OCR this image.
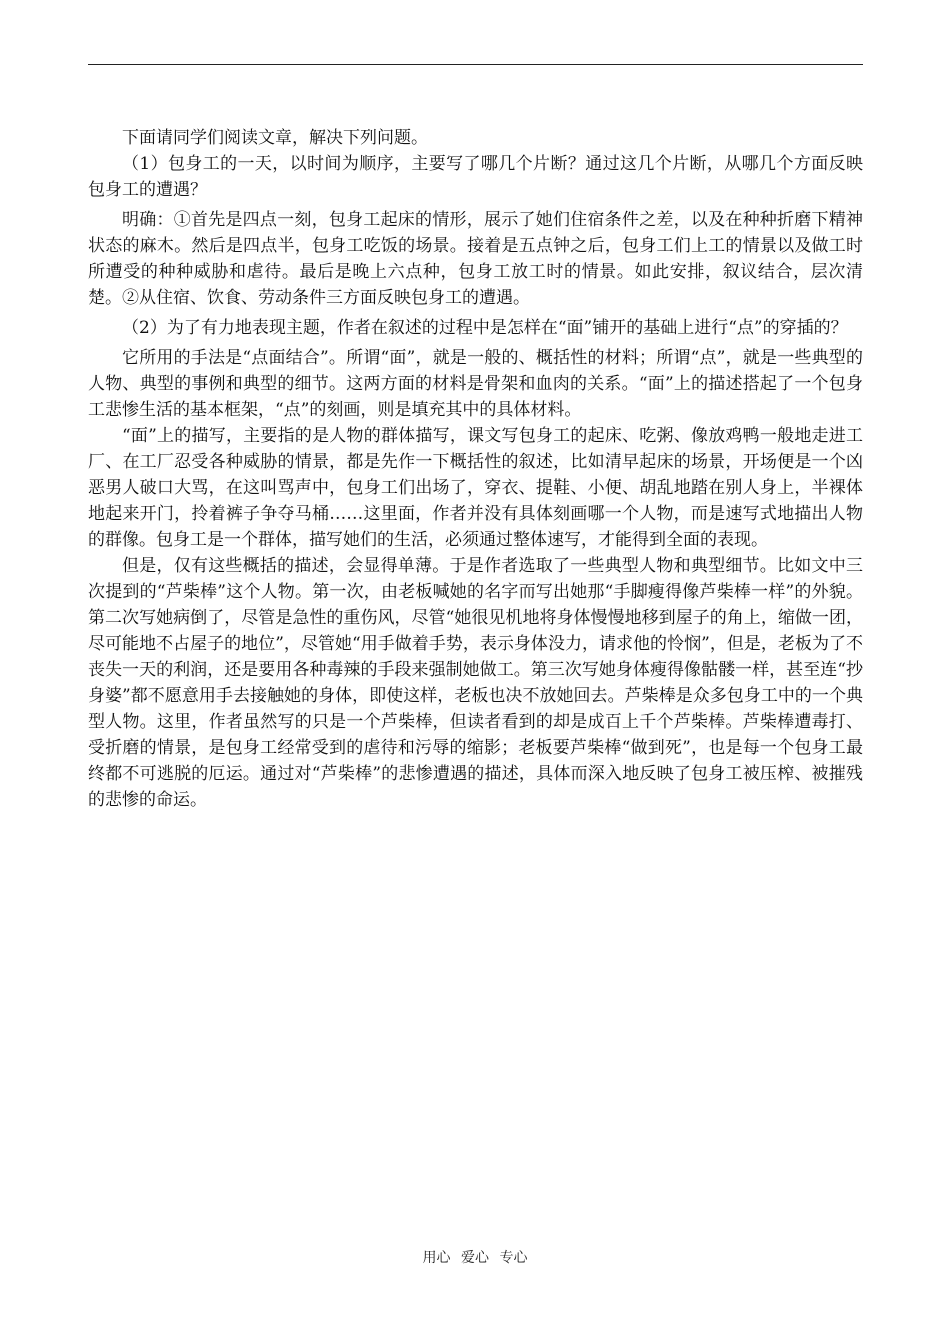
下面请同学们阅读文章，解决下列问题。

（1）包身工的一天，以时间为顺序，主要写了哪几个片断？通过这几个片断，从哪几个方面反映包身工的遭遇？

明确：①首先是四点一刻，包身工起床的情形，展示了她们住宿条件之差，以及在种种折磨下精神状态的麻木。然后是四点半，包身工吃饭的场景。接着是五点钟之后，包身工们上工的情景以及做工时所遭受的种种威胁和虐待。最后是晚上六点种，包身工放工时的情景。如此安排，叙议结合，层次清楚。②从住宿、饮食、劳动条件三方面反映包身工的遭遇。

（2）为了有力地表现主题，作者在叙述的过程中是怎样在“面”铺开的基础上进行“点”的穿插的？

它所用的手法是“点面结合”。所谓“面”，就是一般的、概括性的材料；所谓“点”，就是一些典型的人物、典型的事例和典型的细节。这两方面的材料是骨架和血肉的关系。“面”上的描述搭起了一个包身工悲惨生活的基本框架，“点”的刻画，则是填充其中的具体材料。

“面”上的描写，主要指的是人物的群体描写，课文写包身工的起床、吃粥、像放鸡鸭一般地走进工厂、在工厂忍受各种威胁的情景，都是先作一下概括性的叙述，比如清早起床的场景，开场便是一个凶恶男人破口大骂，在这叫骂声中，包身工们出场了，穿衣、提鞋、小便、胡乱地踏在别人身上，半裸体地起来开门，拎着裤子争夺马桶……这里面，作者并没有具体刻画哪一个人物，而是速写式地描出人物的群像。包身工是一个群体，描写她们的生活，必须通过整体速写，才能得到全面的表现。

但是，仅有这些概括的描述，会显得单薄。于是作者选取了一些典型人物和典型细节。比如文中三次提到的“芦柴棒”这个人物。第一次，由老板喊她的名字而写出她那“手脚瘦得像芦柴棒一样”的外貌。第二次写她病倒了，尽管是急性的重伤风，尽管“她很见机地将身体慢慢地移到屋子的角上，缩做一团，尽可能地不占屋子的地位”，尽管她“用手做着手势，表示身体没力，请求他的怜悯”，但是，老板为了不丧失一天的利润，还是要用各种毒辣的手段来强制她做工。第三次写她身体瘦得像骷髅一样，甚至连“抄身婆”都不愿意用手去接触她的身体，即使这样，老板也决不放她回去。芦柴棒是众多包身工中的一个典型人物。这里，作者虽然写的只是一个芦柴棒，但读者看到的却是成百上千个芦柴棒。芦柴棒遭毒打、受折磨的情景，是包身工经常受到的虐待和污辱的缩影；老板要芦柴棒“做到死”，也是每一个包身工最终都不可逃脱的厄运。通过对“芦柴棒”的悲惨遭遇的描述，具体而深入地反映了包身工被压榨、被摧残的悲惨的命运。

用心 爱心 专心
